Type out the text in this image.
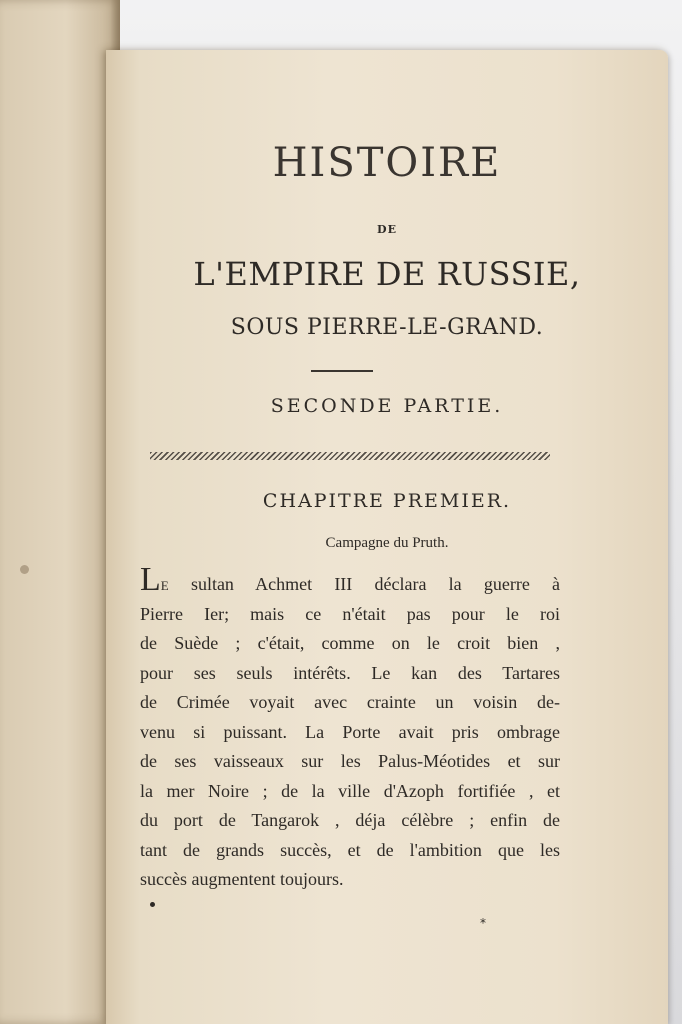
HISTOIRE
DE
L'EMPIRE DE RUSSIE,
SOUS PIERRE-LE-GRAND.
SECONDE PARTIE.
CHAPITRE PREMIER.
Campagne du Pruth.
Le sultan Achmet III déclara la guerre à
Pierre Ier; mais ce n'était pas pour le roi
de Suède ; c'était, comme on le croit bien ,
pour ses seuls intérêts. Le kan des Tartares
de Crimée voyait avec crainte un voisin de-
venu si puissant. La Porte avait pris ombrage
de ses vaisseaux sur les Palus-Méotides et sur
la mer Noire ; de la ville d'Azoph fortifiée , et
du port de Tangarok , déja célèbre ; enfin de
tant de grands succès, et de l'ambition que les
succès augmentent toujours.
*
